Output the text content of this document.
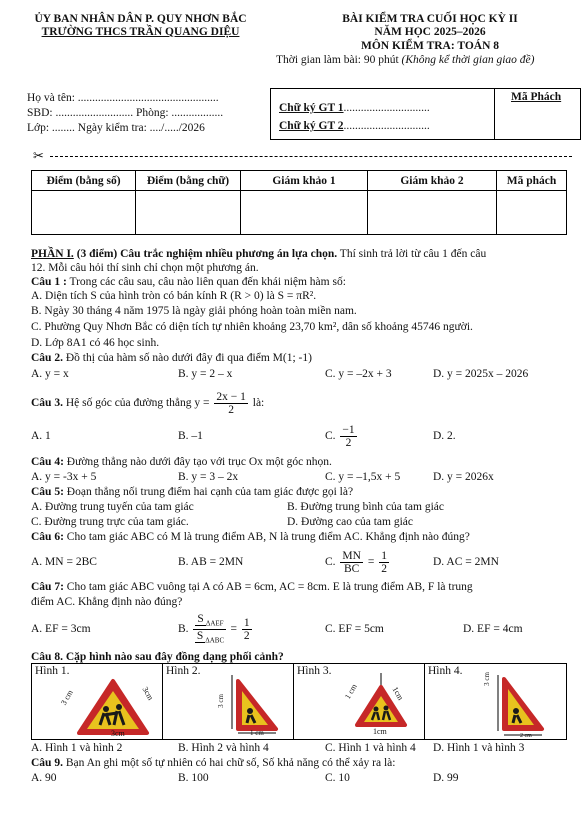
ỦY BAN NHÂN DÂN P. QUY NHƠN BẮC
TRƯỜNG THCS TRẦN QUANG DIỆU
BÀI KIỂM TRA CUỐI HỌC KỲ II
NĂM HỌC 2025–2026
MÔN KIỂM TRA: TOÁN 8
Thời gian làm bài: 90 phút (Không kể thời gian giao đề)
Họ và tên: .................................................
SBD: ........................... Phòng: ..................
Lớp: ........ Ngày kiểm tra: ..../...../2026
Chữ ký GT 1..............................
Chữ ký GT 2..............................
Mã Phách
✂
Điểm (bằng số)	Điểm (bằng chữ)	Giám khảo 1	Giám khảo 2	Mã phách

PHẦN I. (3 điểm) Câu trắc nghiệm nhiều phương án lựa chọn. Thí sinh trả lời từ câu 1 đến câu
12. Mỗi câu hỏi thí sinh chỉ chọn một phương án.
Câu 1 : Trong các câu sau, câu nào liên quan đến khái niệm hàm số:
A. Diện tích S của hình tròn có bán kính R (R > 0) là S = πR².
B. Ngày 30 tháng 4 năm 1975 là ngày giải phóng hoàn toàn miền nam.
C. Phường Quy Nhơn Bắc có diện tích tự nhiên khoảng 23,70 km², dân số khoảng 45746 người.
D. Lớp 8A1 có 46 học sinh.
Câu 2. Đồ thị của hàm số nào dưới đây đi qua điểm M(1; -1)
A. y = x	B. y = 2 – x	C. y = –2x + 3	D. y = 2025x – 2026
Câu 3. Hệ số góc của đường thẳng $y = \frac{2x - 1}{2}$ là:
A. 1	B. –1	C. $\frac{-1}{2}$	D. 2.
Câu 4: Đường thẳng nào dưới đây tạo với trục Ox một góc nhọn.
A. y = -3x + 5	B. y = 3 – 2x	C. y = –1,5x + 5	D. y = 2026x
Câu 5: Đoạn thẳng nối trung điểm hai cạnh của tam giác được gọi là?
A. Đường trung tuyến của tam giác	B. Đường trung bình của tam giác
C. Đường trung trực của tam giác.	D. Đường cao của tam giác
Câu 6: Cho tam giác ABC có M là trung điểm AB, N là trung điểm AC. Khẳng định nào đúng?
A. MN = 2BC	B. AB = 2MN	C. $\frac{MN}{BC} = \frac{1}{2}$	D. AC = 2MN
Câu 7: Cho tam giác ABC vuông tại A có AB = 6cm, AC = 8cm. E là trung điểm AB, F là trung
điểm AC. Khẳng định nào đúng?
A. EF = 3cm	B. $\frac{S _{\Delta AEF}}{S _{\Delta ABC}} = \frac{1}{2}$	C. EF = 5cm	D. EF = 4cm
Câu 8. Cặp hình nào sau đây đồng dạng phối cảnh?
Hình 1.
3 cm	3cm
3cm
Hình 2.
3 cm
1 cm
Hình 3.
1 cm	1cm
1cm
Hình 4.
3 cm
2 cm
A. Hình 1 và hình 2	B. Hình 2 và hình 4	C. Hình 1 và hình 4 D. Hình 1 và hình 3
Câu 9. Bạn An ghi một số tự nhiên có hai chữ số, Số khả năng có thể xảy ra là:
A. 90	B. 100	C. 10	D. 99
